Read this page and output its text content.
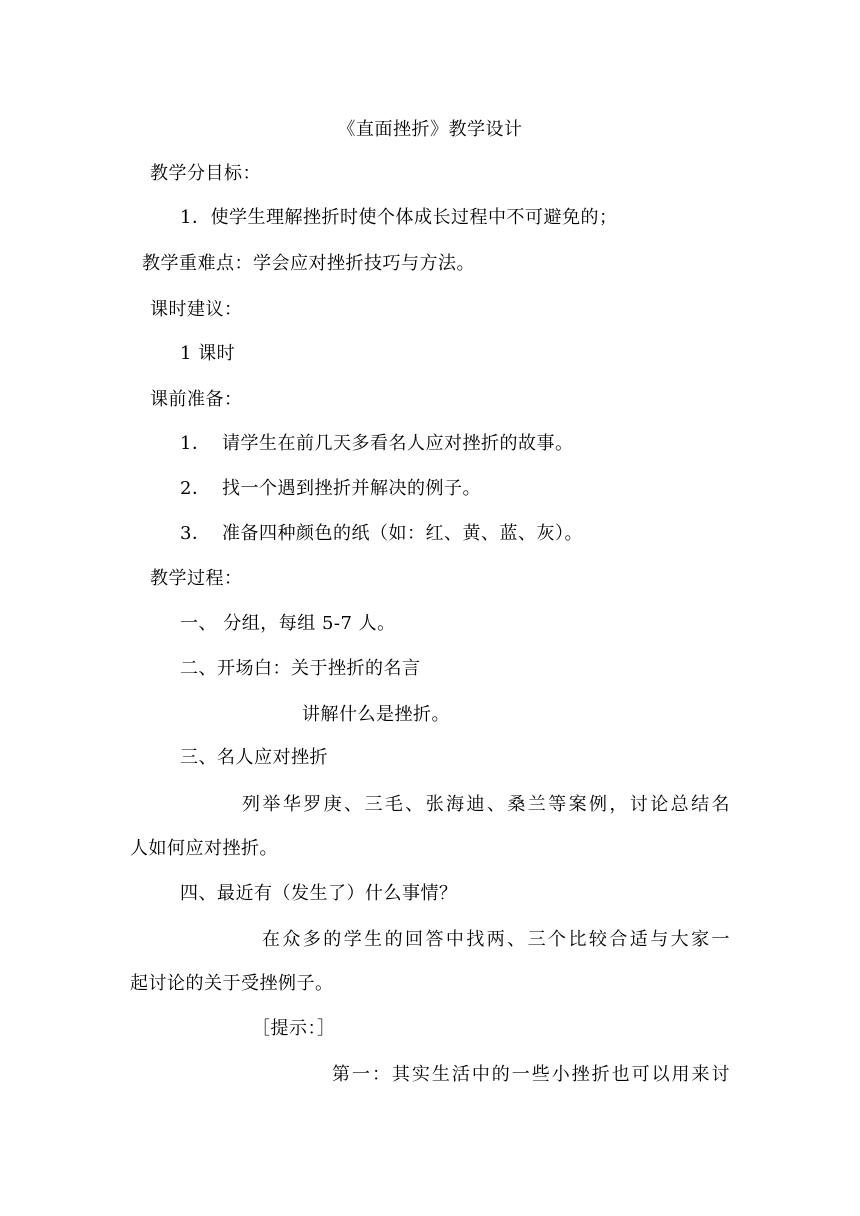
《直面挫折》教学设计
教学分目标：
1．使学生理解挫折时使个体成长过程中不可避免的；
教学重难点：学会应对挫折技巧与方法。
课时建议：
1 课时
课前准备：
1． 请学生在前几天多看名人应对挫折的故事。
2． 找一个遇到挫折并解决的例子。
3． 准备四种颜色的纸（如：红、黄、蓝、灰）。
教学过程：
一、 分组，每组 5-7 人。
二、开场白：关于挫折的名言
讲解什么是挫折。
三、名人应对挫折
列举华罗庚、三毛、张海迪、桑兰等案例，讨论总结名
人如何应对挫折。
四、最近有（发生了）什么事情？
在众多的学生的回答中找两、三个比较合适与大家一
起讨论的关于受挫例子。
［提示：］
第一：其实生活中的一些小挫折也可以用来讨
